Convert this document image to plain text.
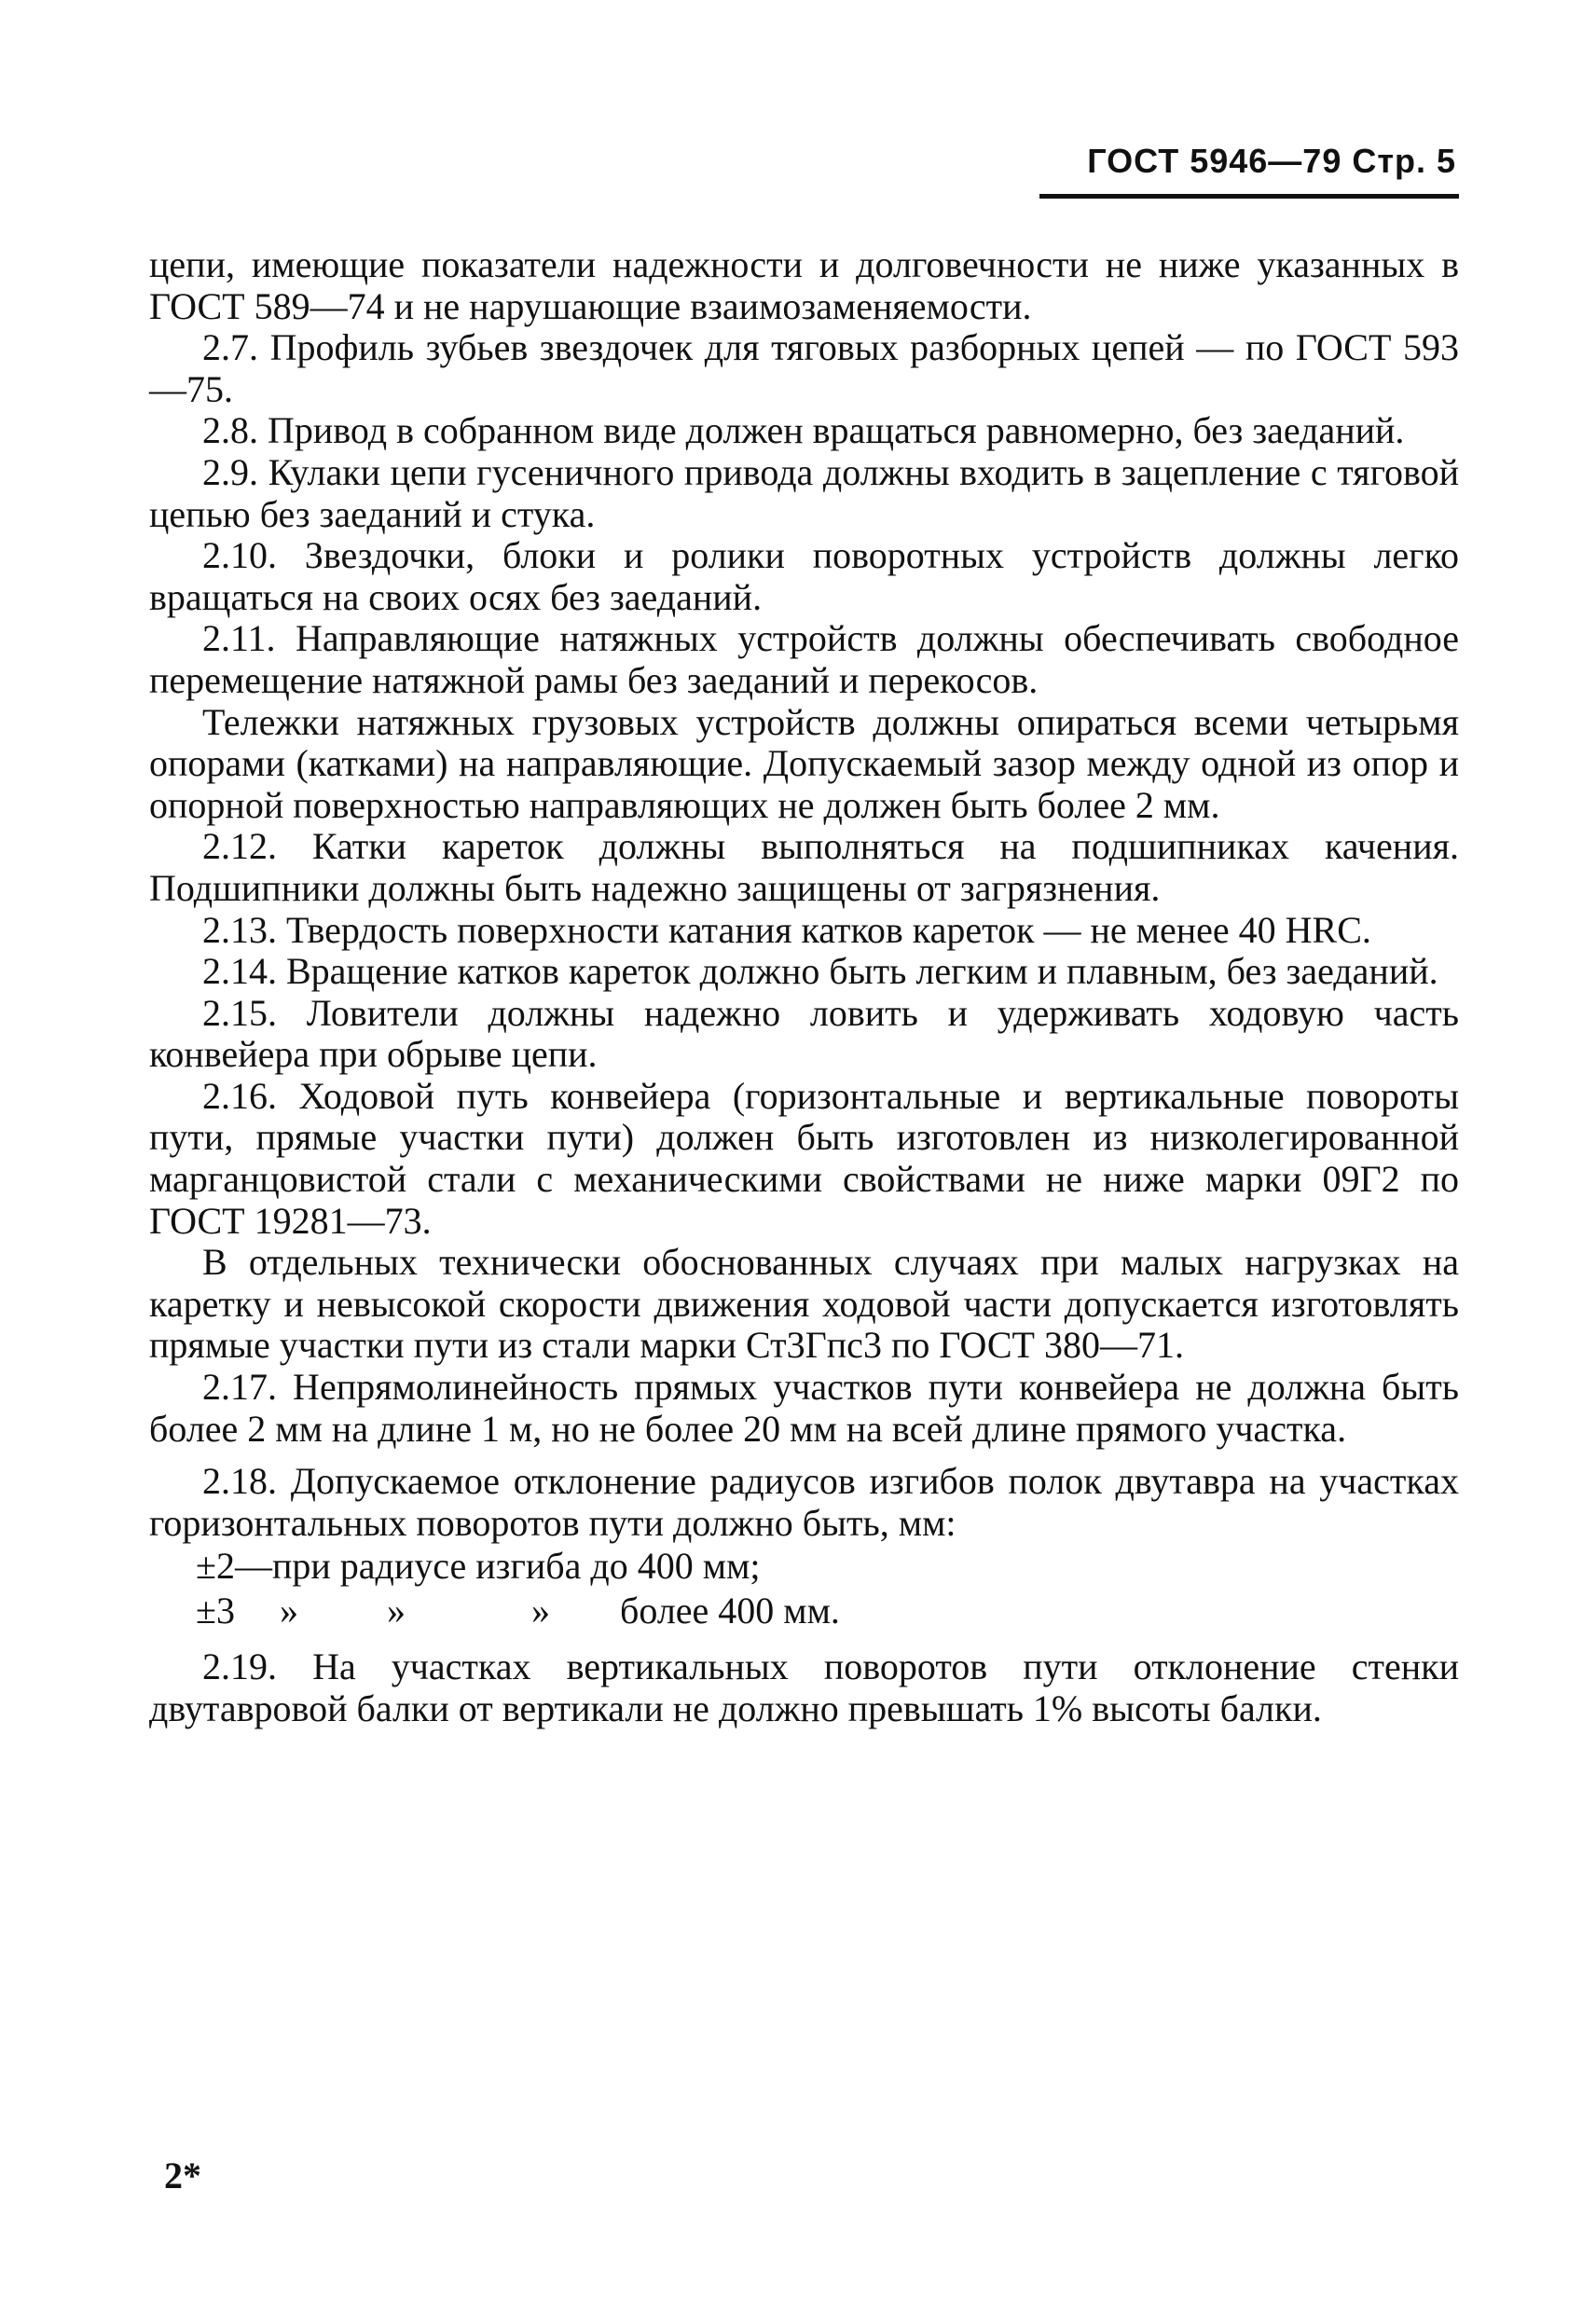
ГОСТ 5946—79 Стр. 5

цепи, имеющие показатели надежности и долговечности не ниже указанных в ГОСТ 589—74 и не нарушающие взаимозаменяемости.

2.7. Профиль зубьев звездочек для тяговых разборных цепей — по ГОСТ 593—75.

2.8. Привод в собранном виде должен вращаться равномерно, без заеданий.

2.9. Кулаки цепи гусеничного привода должны входить в зацепление с тяговой цепью без заеданий и стука.

2.10. Звездочки, блоки и ролики поворотных устройств должны легко вращаться на своих осях без заеданий.

2.11. Направляющие натяжных устройств должны обеспечивать свободное перемещение натяжной рамы без заеданий и перекосов.

Тележки натяжных грузовых устройств должны опираться всеми четырьмя опорами (катками) на направляющие. Допускаемый зазор между одной из опор и опорной поверхностью направляющих не должен быть более 2 мм.

2.12. Катки кареток должны выполняться на подшипниках качения. Подшипники должны быть надежно защищены от загрязнения.

2.13. Твердость поверхности катания катков кареток — не менее 40 HRC.

2.14. Вращение катков кареток должно быть легким и плавным, без заеданий.

2.15. Ловители должны надежно ловить и удерживать ходовую часть конвейера при обрыве цепи.

2.16. Ходовой путь конвейера (горизонтальные и вертикальные повороты пути, прямые участки пути) должен быть изготовлен из низколегированной марганцовистой стали с механическими свойствами не ниже марки 09Г2 по ГОСТ 19281—73.

В отдельных технически обоснованных случаях при малых нагрузках на каретку и невысокой скорости движения ходовой части допускается изготовлять прямые участки пути из стали марки Ст3Гпс3 по ГОСТ 380—71.

2.17. Непрямолинейность прямых участков пути конвейера не должна быть более 2 мм на длине 1 м, но не более 20 мм на всей длине прямого участка.

2.18. Допускаемое отклонение радиусов изгибов полок двутавра на участках горизонтальных поворотов пути должно быть, мм:

±2—при радиусе изгиба до 400 мм;
±3 » »	» более 400 мм.

2.19. На участках вертикальных поворотов пути отклонение стенки двутавровой балки от вертикали не должно превышать 1% высоты балки.

2*
